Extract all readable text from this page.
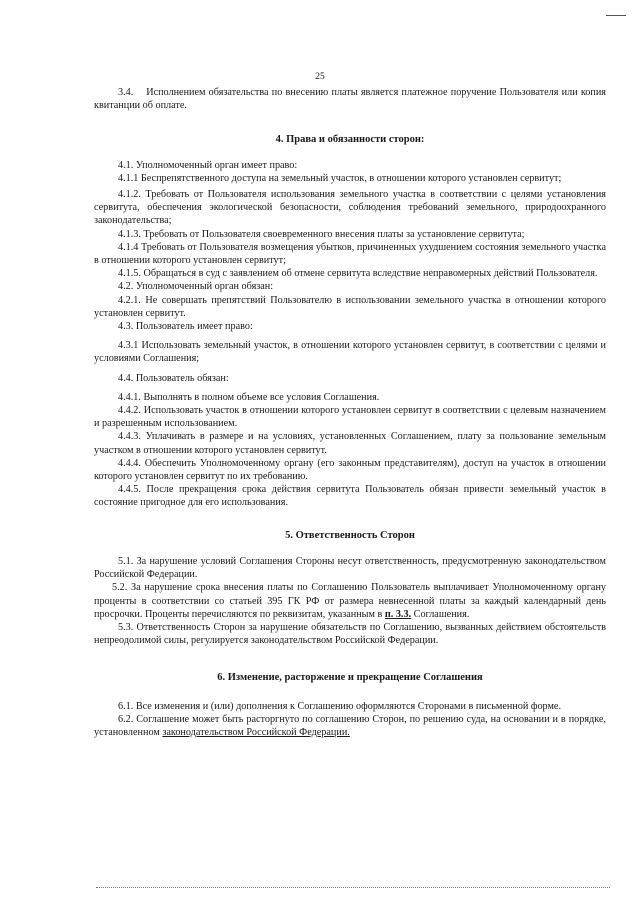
25

3.4. Исполнением обязательства по внесению платы является платежное поручение Пользователя или копия квитанции об оплате.

4. Права и обязанности сторон:

4.1. Уполномоченный орган имеет право:

4.1.1 Беспрепятственного доступа на земельный участок, в отношении которого установлен сервитут;

4.1.2. Требовать от Пользователя использования земельного участка в соответствии с целями установления сервитута, обеспечения экологической безопасности, соблюдения требований земельного, природоохранного законодательства;

4.1.3. Требовать от Пользователя своевременного внесения платы за установление сервитута;

4.1.4 Требовать от Пользователя возмещения убытков, причиненных ухудшением состояния земельного участка в отношении которого установлен сервитут;

4.1.5. Обращаться в суд с заявлением об отмене сервитута вследствие неправомерных действий Пользователя.

4.2. Уполномоченный орган обязан:

4.2.1. Не совершать препятствий Пользователю в использовании земельного участка в отношении которого установлен сервитут.

4.3. Пользователь имеет право:

4.3.1 Использовать земельный участок, в отношении которого установлен сервитут, в соответствии с целями и условиями Соглашения;

4.4. Пользователь обязан:

4.4.1. Выполнять в полном объеме все условия Соглашения.

4.4.2. Использовать участок в отношении которого установлен сервитут в соответствии с целевым назначением и разрешенным использованием.

4.4.3. Уплачивать в размере и на условиях, установленных Соглашением, плату за пользование земельным участком в отношении которого установлен сервитут.

4.4.4. Обеспечить Уполномоченному органу (его законным представителям), доступ на участок в отношении которого установлен сервитут по их требованию.

4.4.5. После прекращения срока действия сервитута Пользователь обязан привести земельный участок в состояние пригодное для его использования.

5. Ответственность Сторон

5.1. За нарушение условий Соглашения Стороны несут ответственность, предусмотренную законодательством Российской Федерации.

5.2. За нарушение срока внесения платы по Соглашению Пользователь выплачивает Уполномоченному органу проценты в соответствии со статьей 395 ГК РФ от размера невнесенной платы за каждый календарный день просрочки. Проценты перечисляются по реквизитам, указанным в п. 3.3. Соглашения.

5.3. Ответственность Сторон за нарушение обязательств по Соглашению, вызванных действием обстоятельств непреодолимой силы, регулируется законодательством Российской Федерации.

6. Изменение, расторжение и прекращение Соглашения

6.1. Все изменения и (или) дополнения к Соглашению оформляются Сторонами в письменной форме.

6.2. Соглашение может быть расторгнуто по соглашению Сторон, по решению суда, на основании и в порядке, установленном законодательством Российской Федерации.
